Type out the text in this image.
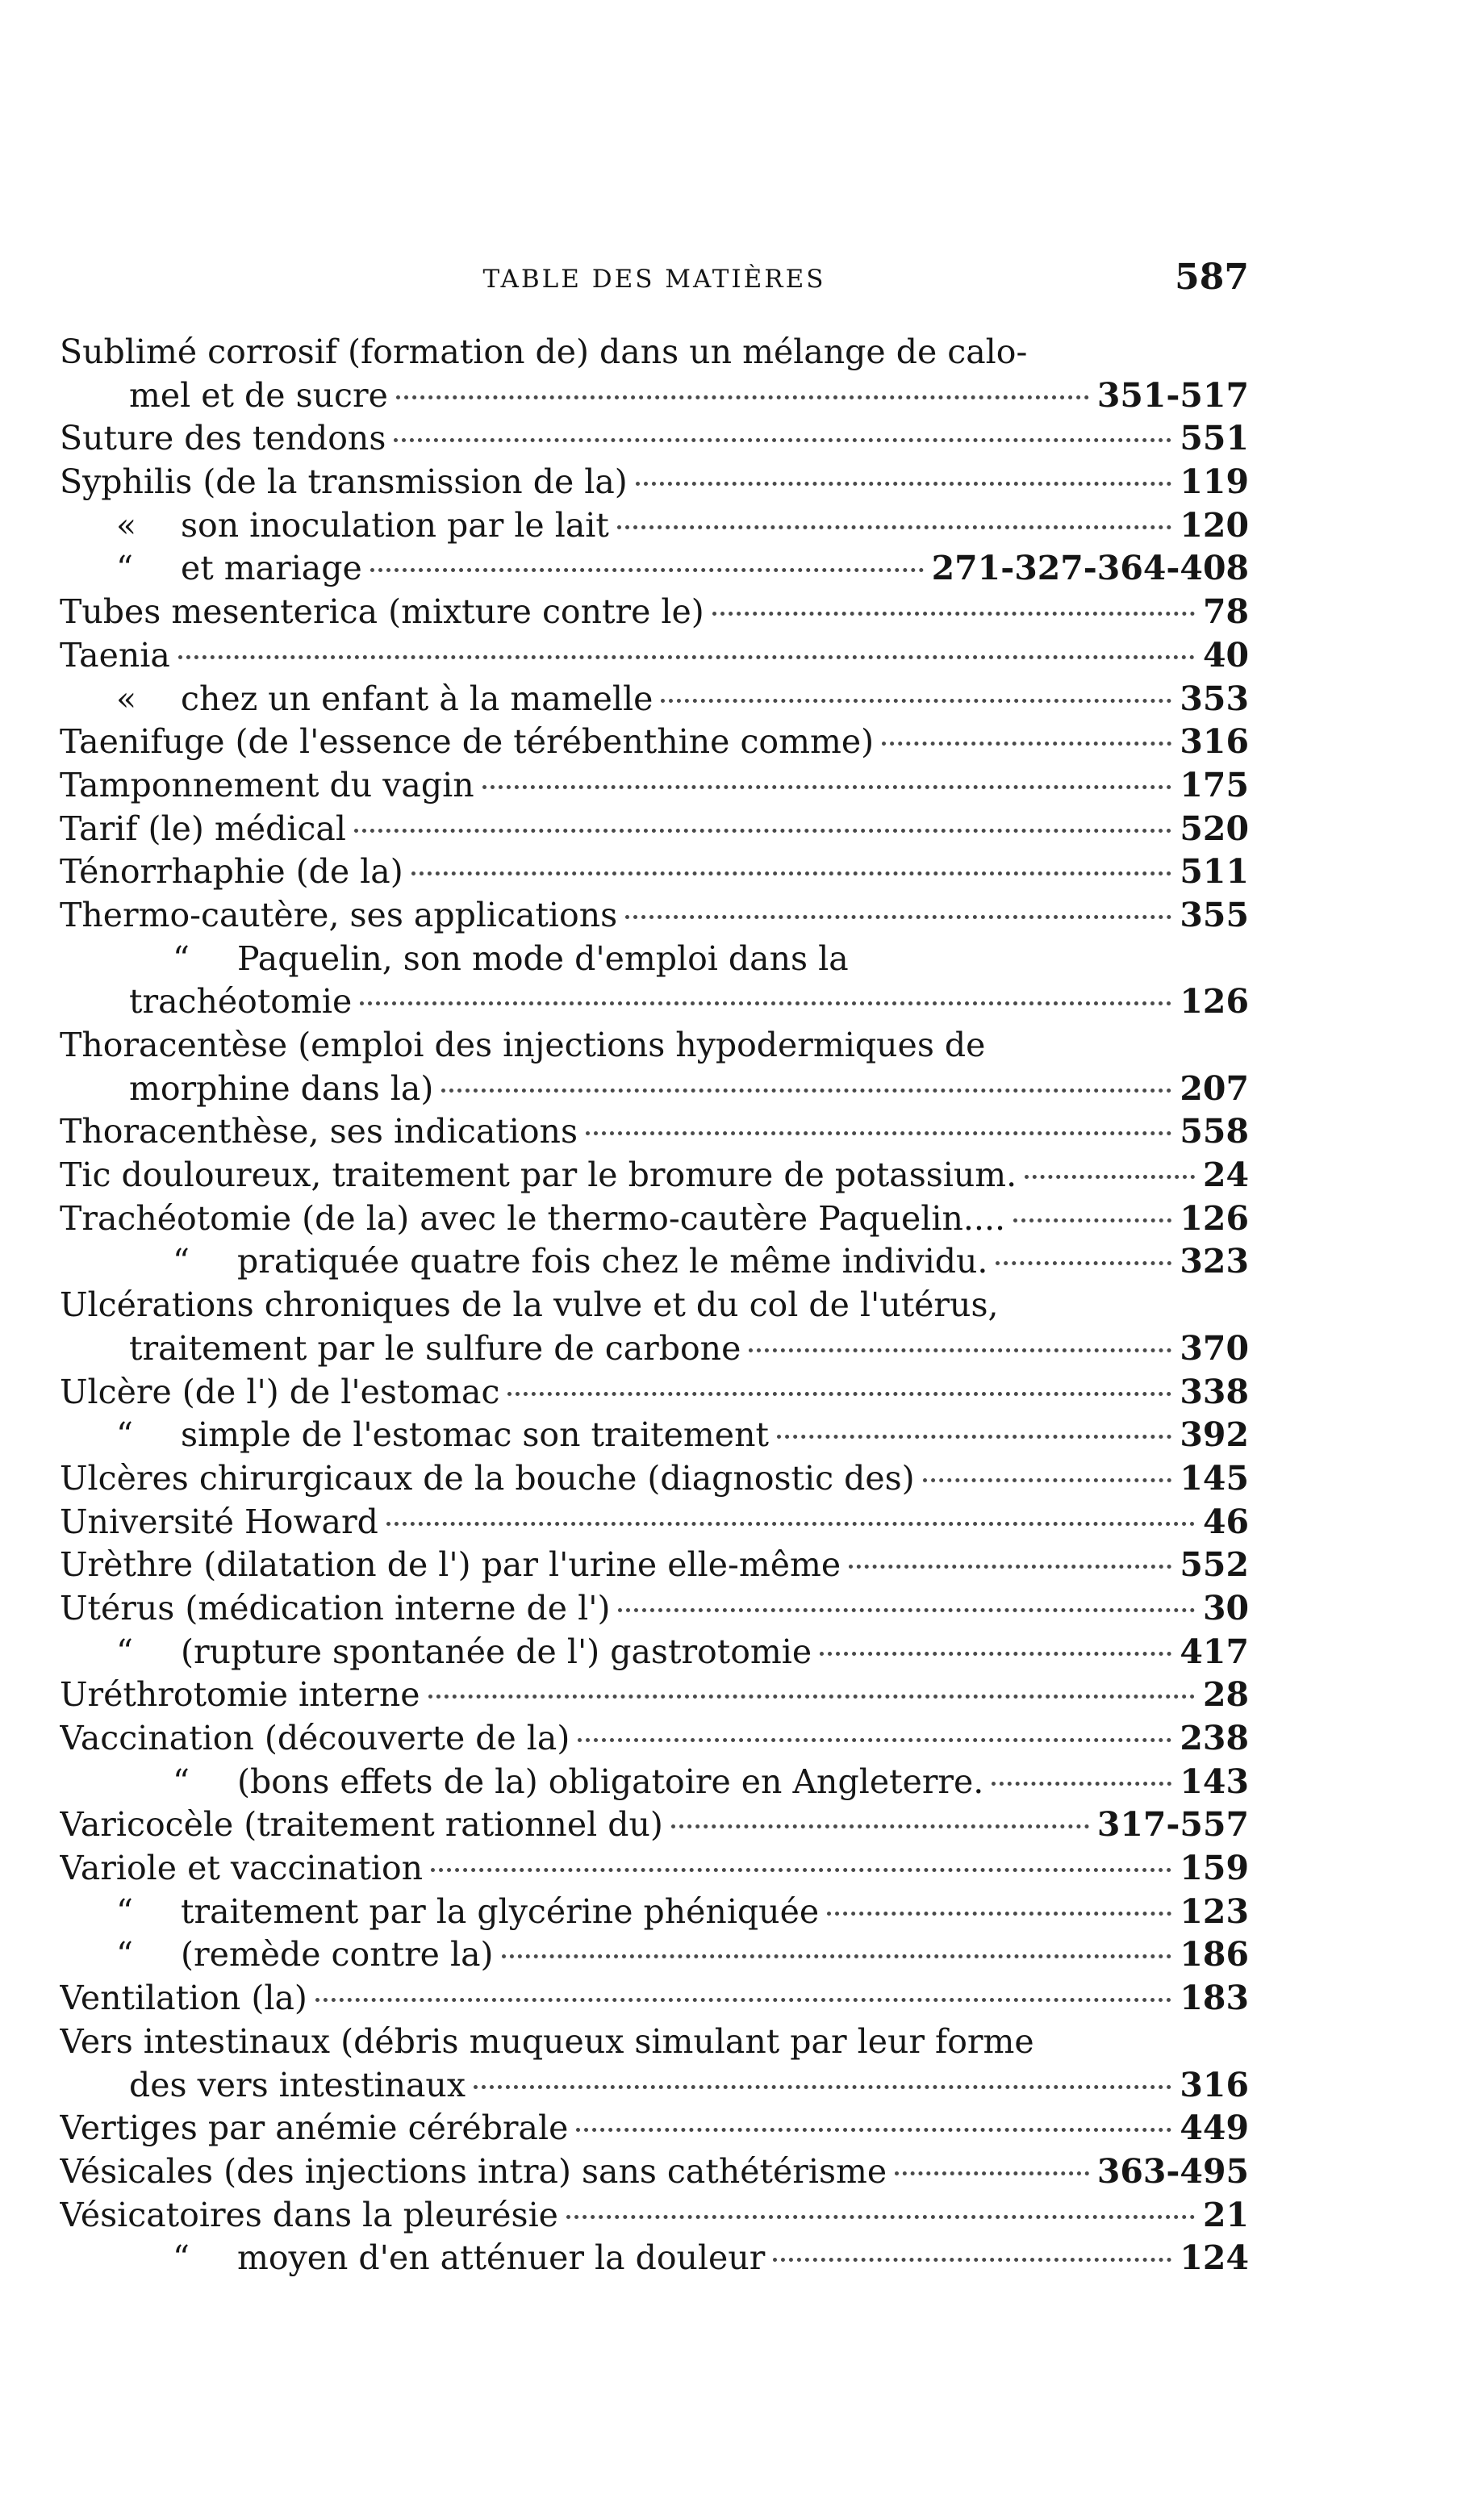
TABLE DES MATIÈRES	587
Sublimé corrosif (formation de) dans un mélange de calo-
mel et de sucre	351-517
Suture des tendons	551
Syphilis (de la transmission de la)	119
«	son inoculation par le lait	120
“	et mariage	271-327-364-408
Tubes mesenterica (mixture contre le)	78
Taenia	40
«	chez un enfant à la mamelle	353
Taenifuge (de l'essence de térébenthine comme)	316
Tamponnement du vagin	175
Tarif (le) médical	520
Ténorrhaphie (de la)	511
Thermo-cautère, ses applications	355
“	Paquelin, son mode d'emploi dans la
trachéotomie	126
Thoracentèse (emploi des injections hypodermiques de
morphine dans la)	207
Thoracenthèse, ses indications	558
Tic douloureux, traitement par le bromure de potassium.	24
Trachéotomie (de la) avec le thermo-cautère Paquelin....	126
“	pratiquée quatre fois chez le même individu.	323
Ulcérations chroniques de la vulve et du col de l'utérus,
traitement par le sulfure de carbone	370
Ulcère (de l') de l'estomac	338
“	simple de l'estomac son traitement	392
Ulcères chirurgicaux de la bouche (diagnostic des)	145
Université Howard	46
Urèthre (dilatation de l') par l'urine elle-même	552
Utérus (médication interne de l')	30
“	(rupture spontanée de l') gastrotomie	417
Uréthrotomie interne	28
Vaccination (découverte de la)	238
“	(bons effets de la) obligatoire en Angleterre.	143
Varicocèle (traitement rationnel du)	317-557
Variole et vaccination	159
“	traitement par la glycérine phéniquée	123
“	(remède contre la)	186
Ventilation (la)	183
Vers intestinaux (débris muqueux simulant par leur forme
des vers intestinaux	316
Vertiges par anémie cérébrale	449
Vésicales (des injections intra) sans cathétérisme	363-495
Vésicatoires dans la pleurésie	21
“	moyen d'en atténuer la douleur	124
